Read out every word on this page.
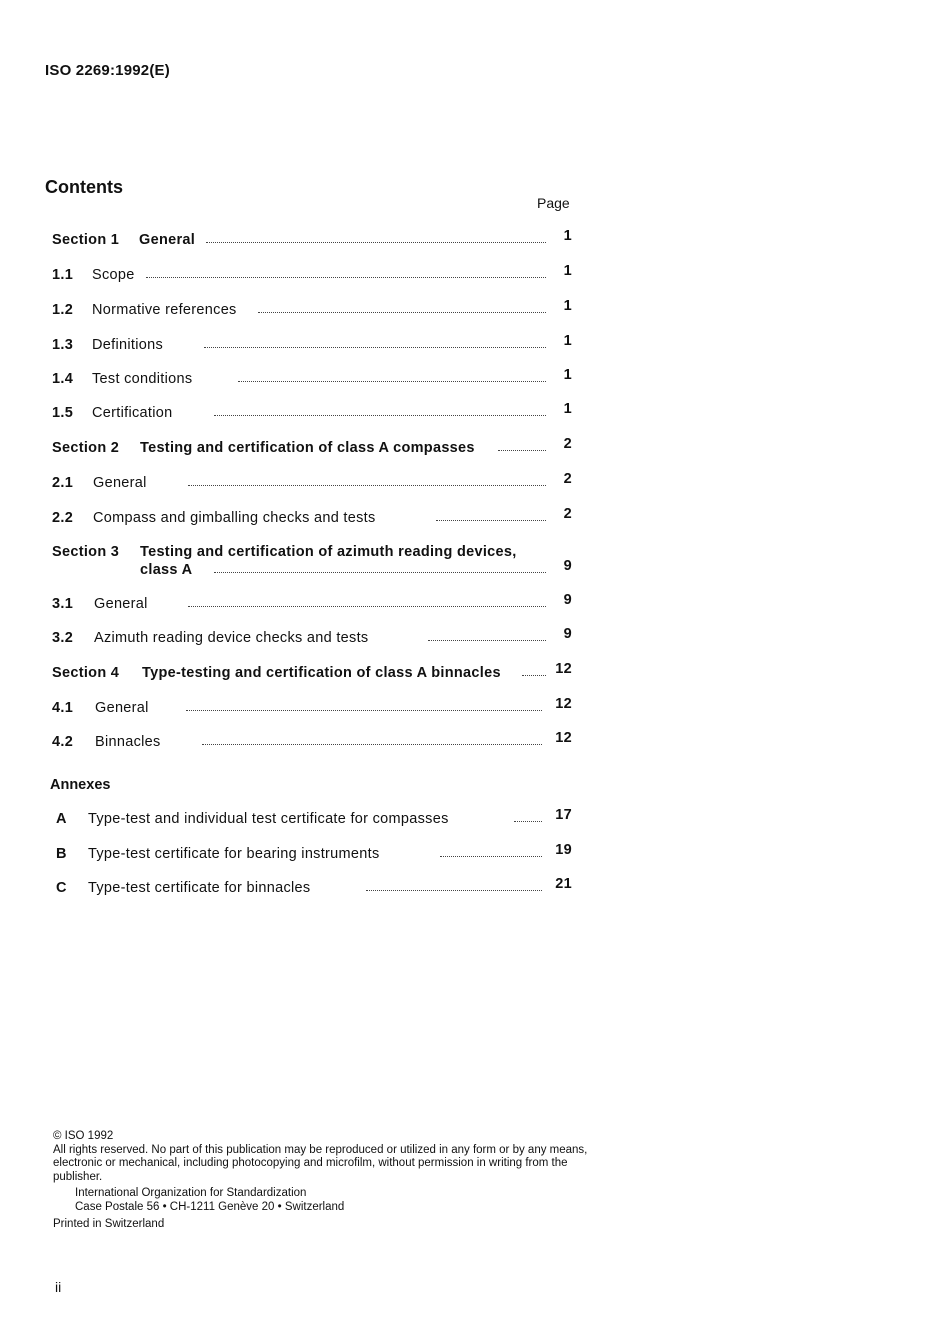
ISO 2269:1992(E)
Contents
Page
Section 1 General	1
1.1 Scope	1
1.2 Normative references	1
1.3 Definitions	1
1.4 Test conditions	1
1.5 Certification	1
Section 2 Testing and certification of class A compasses	2
2.1 General	2
2.2 Compass and gimballing checks and tests	2
Section 3 Testing and certification of azimuth reading devices,
class A	9
3.1 General	9
3.2 Azimuth reading device checks and tests	9
Section 4 Type-testing and certification of class A binnacles	12
4.1 General	12
4.2 Binnacles	12
A Type-test and individual test certificate for compasses	17
B Type-test certificate for bearing instruments	19
C Type-test certificate for binnacles	21
Annexes

© ISO 1992

All rights reserved. No part of this publication may be reproduced or utilized in any form or by any means, electronic or mechanical, including photocopying and microfilm, without permission in writing from the publisher.

International Organization for Standardization

Case Postale 56 • CH-1211 Genève 20 • Switzerland

Printed in Switzerland

ii
